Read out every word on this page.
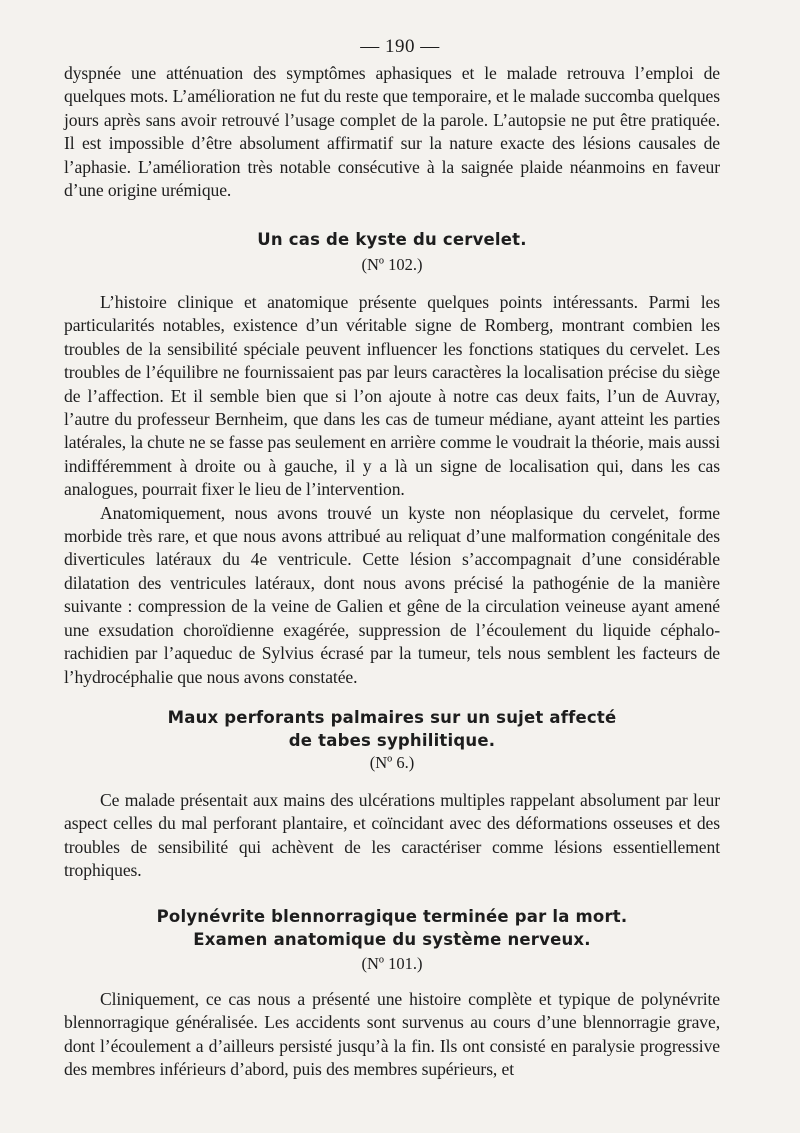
— 190 —

dyspnée une atténuation des symptômes aphasiques et le malade retrouva l’emploi de quelques mots. L’amélioration ne fut du reste que temporaire, et le malade succomba quelques jours après sans avoir retrouvé l’usage complet de la parole. L’autopsie ne put être pratiquée. Il est impossible d’être absolument affirmatif sur la nature exacte des lésions causales de l’aphasie. L’amélioration très notable consécutive à la saignée plaide néanmoins en faveur d’une origine urémique.

Un cas de kyste du cervelet.
(Nº 102.)

L’histoire clinique et anatomique présente quelques points intéressants. Parmi les particularités notables, existence d’un véritable signe de Romberg, montrant combien les troubles de la sensibilité spéciale peuvent influencer les fonctions statiques du cervelet. Les troubles de l’équilibre ne fournissaient pas par leurs caractères la localisation précise du siège de l’affection. Et il semble bien que si l’on ajoute à notre cas deux faits, l’un de Auvray, l’autre du professeur Bernheim, que dans les cas de tumeur médiane, ayant atteint les parties latérales, la chute ne se fasse pas seulement en arrière comme le voudrait la théorie, mais aussi indifféremment à droite ou à gauche, il y a là un signe de localisation qui, dans les cas analogues, pourrait fixer le lieu de l’intervention.

Anatomiquement, nous avons trouvé un kyste non néoplasique du cervelet, forme morbide très rare, et que nous avons attribué au reliquat d’une malformation congénitale des diverticules latéraux du 4e ventricule. Cette lésion s’accompagnait d’une considérable dilatation des ventricules latéraux, dont nous avons précisé la pathogénie de la manière suivante : compression de la veine de Galien et gêne de la circulation veineuse ayant amené une exsudation choroïdienne exagérée, suppression de l’écoulement du liquide céphalo-rachidien par l’aqueduc de Sylvius écrasé par la tumeur, tels nous semblent les facteurs de l’hydrocéphalie que nous avons constatée.

Maux perforants palmaires sur un sujet affecté
de tabes syphilitique.
(Nº 6.)

Ce malade présentait aux mains des ulcérations multiples rappelant absolument par leur aspect celles du mal perforant plantaire, et coïncidant avec des déformations osseuses et des troubles de sensibilité qui achèvent de les caractériser comme lésions essentiellement trophiques.

Polynévrite blennorragique terminée par la mort.
Examen anatomique du système nerveux.
(Nº 101.)

Cliniquement, ce cas nous a présenté une histoire complète et typique de polynévrite blennorragique généralisée. Les accidents sont survenus au cours d’une blennorragie grave, dont l’écoulement a d’ailleurs persisté jusqu’à la fin. Ils ont consisté en paralysie progressive des membres inférieurs d’abord, puis des membres supérieurs, et
